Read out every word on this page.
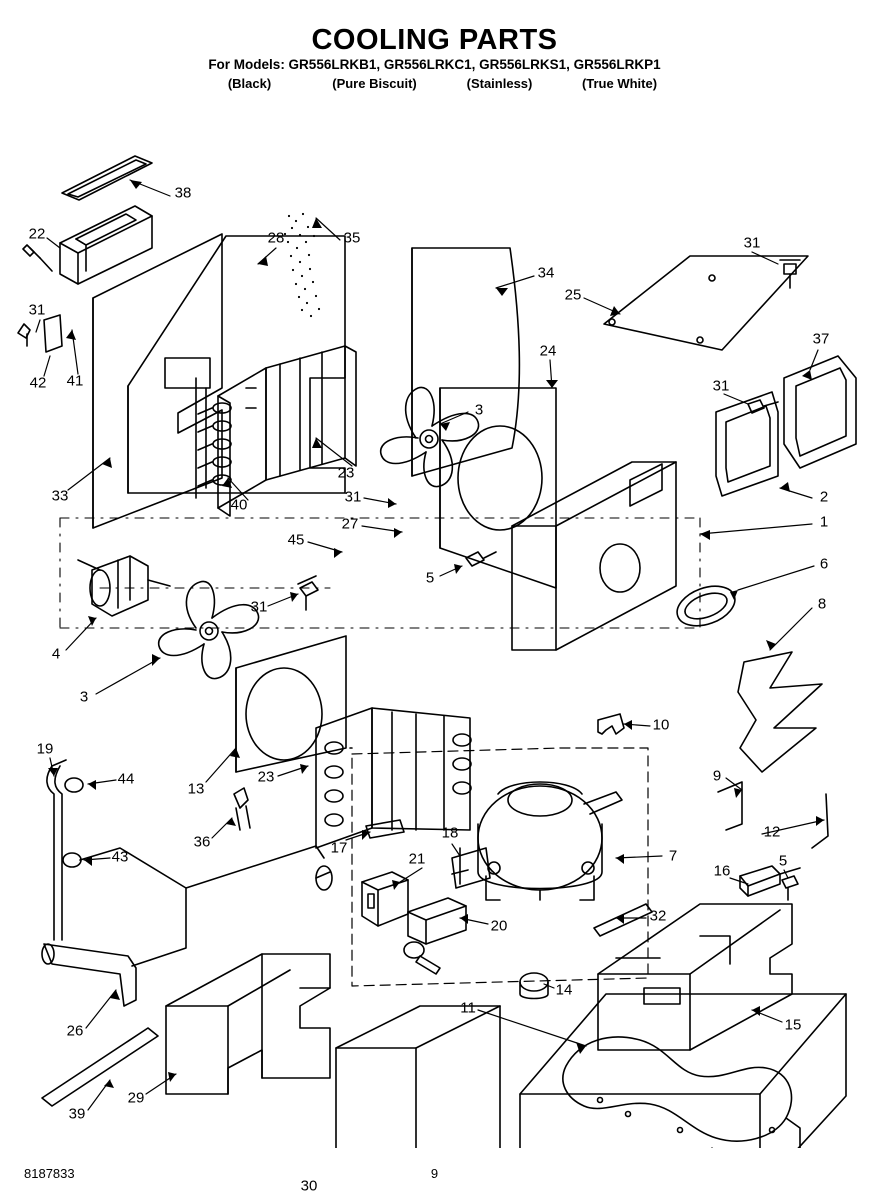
COOLING PARTS
For Models: GR556LRKB1, GR556LRKC1, GR556LRKS1, GR556LRKP1
(Black)	(Pure Biscuit)	(Stainless)	(True White)
38
22	28	35	31
34
25
31
37
24
42 41	31
3
23
33	2
40	31
1
27
45
5
6
8
31
4
3
10
9
19
44
13
23
12
36	17
18
7
43	21
16
5
20
32
14
11
15
26
29
39
30
8187833	9
